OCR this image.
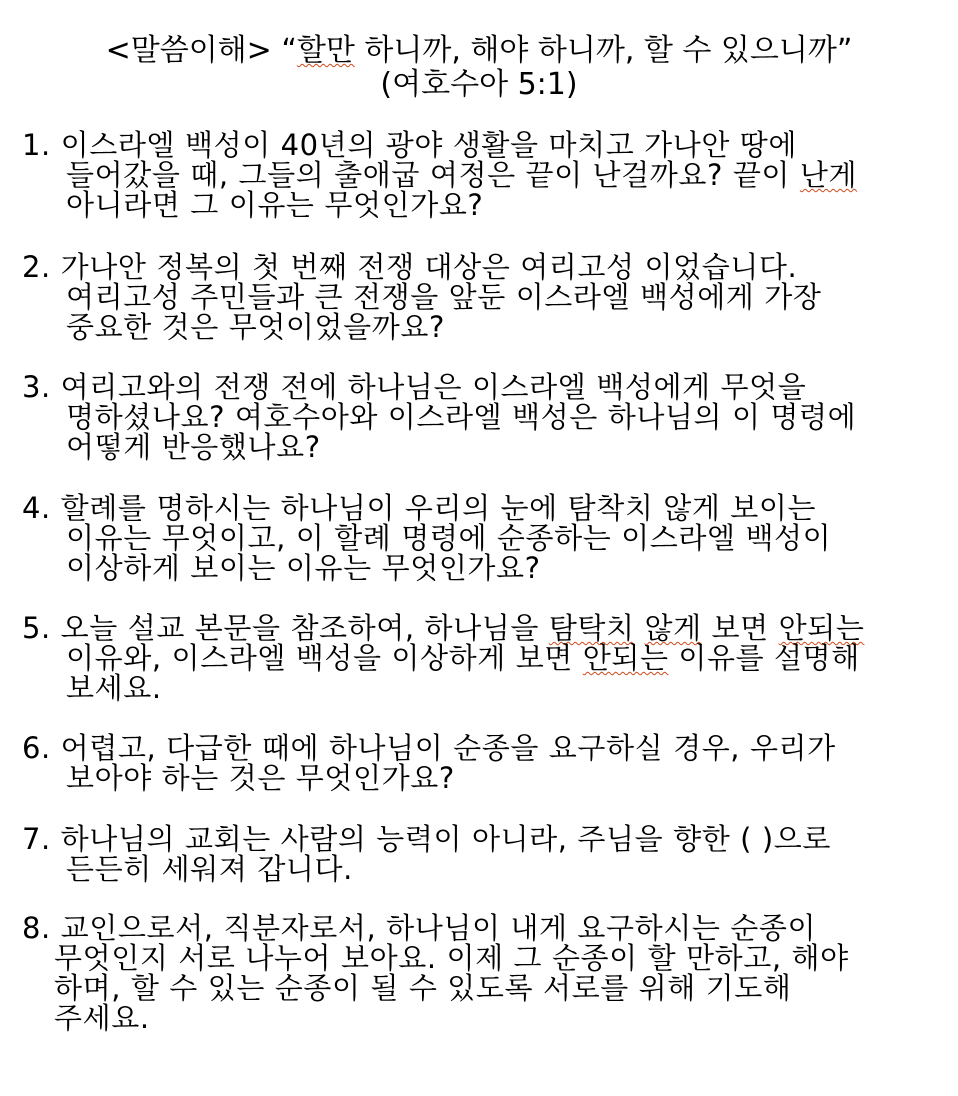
<말씀이해> “할만 하니까, 해야 하니까, 할 수 있으니까”
(여호수아 5:1)
1. 이스라엘 백성이 40년의 광야 생활을 마치고 가나안 땅에
들어갔을 때, 그들의 출애굽 여정은 끝이 난걸까요? 끝이 난게
아니라면 그 이유는 무엇인가요?
2. 가나안 정복의 첫 번째 전쟁 대상은 여리고성 이었습니다.
여리고성 주민들과 큰 전쟁을 앞둔 이스라엘 백성에게 가장
중요한 것은 무엇이었을까요?
3. 여리고와의 전쟁 전에 하나님은 이스라엘 백성에게 무엇을
명하셨나요? 여호수아와 이스라엘 백성은 하나님의 이 명령에
어떻게 반응했나요?
4. 할례를 명하시는 하나님이 우리의 눈에 탐착치 않게 보이는
이유는 무엇이고, 이 할례 명령에 순종하는 이스라엘 백성이
이상하게 보이는 이유는 무엇인가요?
5. 오늘 설교 본문을 참조하여, 하나님을 탐탁치 않게 보면 안되는
이유와, 이스라엘 백성을 이상하게 보면 안되는 이유를 설명해
보세요.
6. 어렵고, 다급한 때에 하나님이 순종을 요구하실 경우, 우리가
보아야 하는 것은 무엇인가요?
7. 하나님의 교회는 사람의 능력이 아니라, 주님을 향한 ( )으로
든든히 세워져 갑니다.
8. 교인으로서, 직분자로서, 하나님이 내게 요구하시는 순종이
무엇인지 서로 나누어 보아요. 이제 그 순종이 할 만하고, 해야
하며, 할 수 있는 순종이 될 수 있도록 서로를 위해 기도해
주세요.
